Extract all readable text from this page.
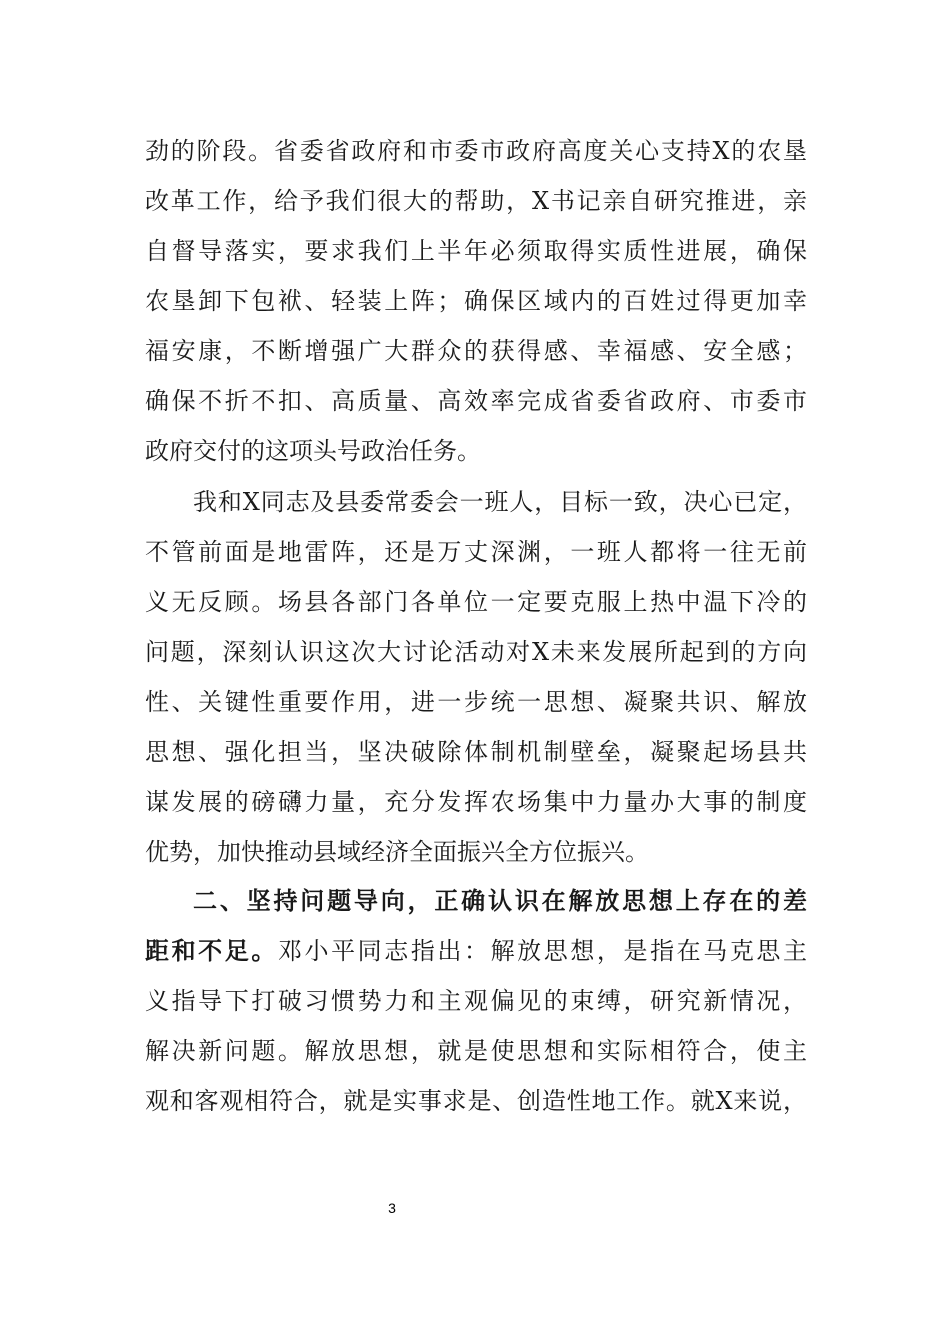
劲的阶段。省委省政府和市委市政府高度关心支持X的农垦
改革工作，给予我们很大的帮助，X书记亲自研究推进，亲
自督导落实，要求我们上半年必须取得实质性进展，确保
农垦卸下包袱、轻装上阵；确保区域内的百姓过得更加幸
福安康，不断增强广大群众的获得感、幸福感、安全感；
确保不折不扣、高质量、高效率完成省委省政府、市委市
政府交付的这项头号政治任务。
我和X同志及县委常委会一班人，目标一致，决心已定，
不管前面是地雷阵，还是万丈深渊，一班人都将一往无前
义无反顾。场县各部门各单位一定要克服上热中温下冷的
问题，深刻认识这次大讨论活动对X未来发展所起到的方向
性、关键性重要作用，进一步统一思想、凝聚共识、解放
思想、强化担当，坚决破除体制机制壁垒，凝聚起场县共
谋发展的磅礴力量，充分发挥农场集中力量办大事的制度
优势，加快推动县域经济全面振兴全方位振兴。
二、坚持问题导向，正确认识在解放思想上存在的差
距和不足。邓小平同志指出：解放思想，是指在马克思主
义指导下打破习惯势力和主观偏见的束缚，研究新情况，
解决新问题。解放思想，就是使思想和实际相符合，使主
观和客观相符合，就是实事求是、创造性地工作。就X来说，
3
